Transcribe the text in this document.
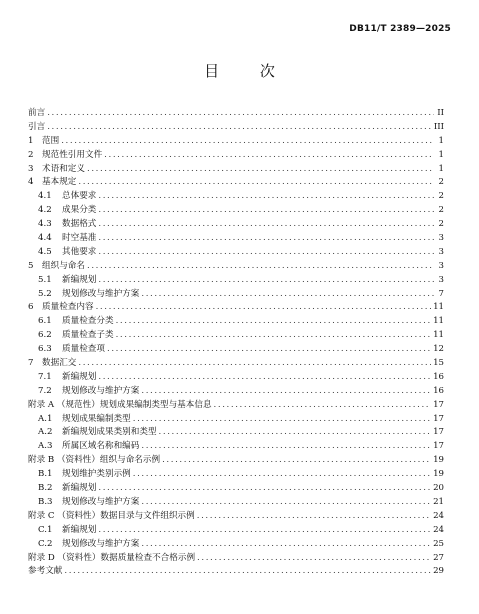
DB11/T 2389—2025
目 次
前言 .....	II
引言 .....	III
1 范围 .....	1
2 规范性引用文件 .....	1
3 术语和定义 .....	1
4 基本规定 .....	2
4.1	总体要求 .....	2
4.2	成果分类 .....	2
4.3	数据格式 .....	2
4.4	时空基准 .....	3
4.5	其他要求 .....	3
5 组织与命名 .....	3
5.1	新编规划 .....	3
5.2	规划修改与维护方案 .....	7
6 质量检查内容 .....	11
6.1	质量检查分类 .....	11
6.2	质量检查子类 .....	11
6.3	质量检查项 .....	12
7 数据汇交 .....	15
7.1	新编规划 .....	16
7.2	规划修改与维护方案 .....	16
附录 A （规范性）规划成果编制类型与基本信息 .....	17
A.1	规划成果编制类型 .....	17
A.2	新编规划成果类别和类型 .....	17
A.3	所属区域名称和编码 .....	17
附录 B （资料性）组织与命名示例 .....	19
B.1	规划维护类别示例 .....	19
B.2	新编规划 .....	20
B.3	规划修改与维护方案 .....	21
附录 C （资料性）数据目录与文件组织示例 .....	24
C.1	新编规划 .....	24
C.2	规划修改与维护方案 .....	25
附录 D （资料性）数据质量检查不合格示例 .....	27
参考文献 .....	29
